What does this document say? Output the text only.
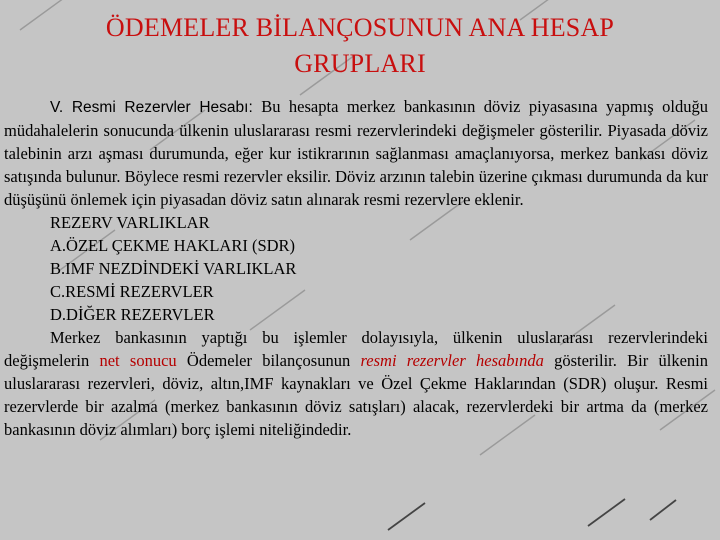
ÖDEMELER BİLANÇOSUNUN ANA HESAP GRUPLARI

V. Resmi Rezervler Hesabı: Bu hesapta merkez bankasının döviz piyasasına yapmış olduğu müdahalelerin sonucunda ülkenin uluslararası resmi rezervlerindeki değişmeler gösterilir. Piyasada döviz talebinin arzı aşması durumunda, eğer kur istikrarının sağlanması amaçlanıyorsa, merkez bankası döviz satışında bulunur. Böylece resmi rezervler eksilir. Döviz arzının talebin üzerine çıkması durumunda da kur düşüşünü önlemek için piyasadan döviz satın alınarak resmi rezervlere eklenir.

REZERV VARLIKLAR
A.ÖZEL ÇEKME HAKLARI (SDR)
B.IMF NEZDİNDEKİ VARLIKLAR
C.RESMİ REZERVLER
D.DİĞER REZERVLER

Merkez bankasının yaptığı bu işlemler dolayısıyla, ülkenin uluslararası rezervlerindeki değişmelerin net sonucu Ödemeler bilançosunun resmi rezervler hesabında gösterilir. Bir ülkenin uluslararası rezervleri, döviz, altın,IMF kaynakları ve Özel Çekme Haklarından (SDR) oluşur. Resmi rezervlerde bir azalma (merkez bankasının döviz satışları) alacak, rezervlerdeki bir artma da (merkez bankasının döviz alımları) borç işlemi niteliğindedir.
